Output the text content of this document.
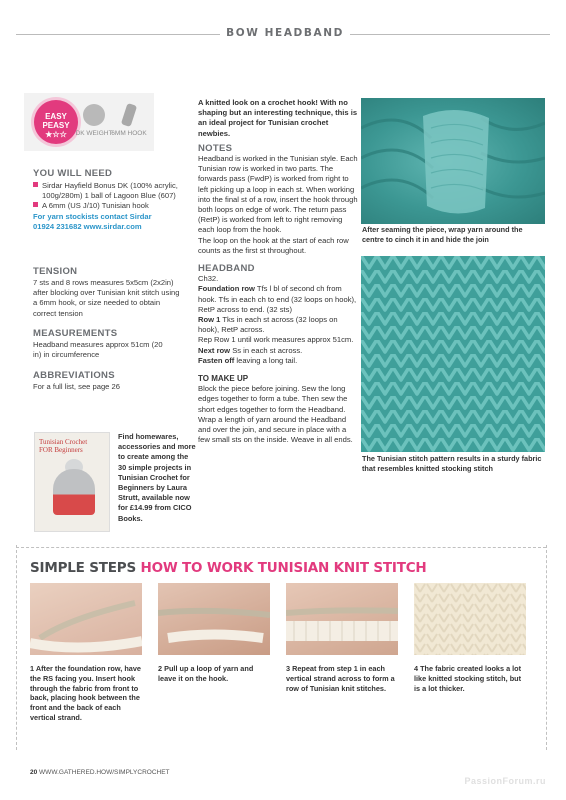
BOW HEADBAND
EASY
PEASY
★☆☆	DK WEIGHT
6MM HOOK
YOU WILL NEED
Sirdar Hayfield Bonus DK (100% acrylic, 100g/280m) 1 ball of Lagoon Blue (607)
A 6mm (US J/10) Tunisian hook
For yarn stockists contact Sirdar 01924 231682 www.sirdar.com
TENSION
7 sts and 8 rows measures 5x5cm (2x2in) after blocking over Tunisian knit stitch using a 6mm hook, or size needed to obtain correct tension
MEASUREMENTS
Headband measures approx 51cm (20 in) in circumference
ABBREVIATIONS
For a full list, see page 26
Tunisian Crochet FOR Beginners
Find homewares, accessories and more to create among the 30 simple projects in Tunisian Crochet for Beginners by Laura Strutt, available now for £14.99 from CICO Books.
A knitted look on a crochet hook! With no shaping but an interesting technique, this is an ideal project for Tunisian crochet newbies.
NOTES
Headband is worked in the Tunisian style. Each Tunisian row is worked in two parts. The forwards pass (FwdP) is worked from right to left picking up a loop in each st. When working into the final st of a row, insert the hook through both loops on edge of work. The return pass (RetP) is worked from left to right removing each loop from the hook.
The loop on the hook at the start of each row counts as the first st throughout.
HEADBAND
Ch32.
Foundation row Tfs l bl of second ch from hook. Tfs in each ch to end (32 loops on hook), RetP across to end. (32 sts)
Row 1 Tks in each st across (32 loops on hook), RetP across.
Rep Row 1 until work measures approx 51cm.
Next row Ss in each st across.
Fasten off leaving a long tail.
TO MAKE UP
Block the piece before joining. Sew the long edges together to form a tube. Then sew the short edges together to form the Headband. Wrap a length of yarn around the Headband and over the join, and secure in place with a few small sts on the inside. Weave in all ends.
After seaming the piece, wrap yarn around the centre to cinch it in and hide the join
The Tunisian stitch pattern results in a sturdy fabric that resembles knitted stocking stitch
SIMPLE STEPS HOW TO WORK TUNISIAN KNIT STITCH
1 After the foundation row, have the RS facing you. Insert hook through the fabric from front to back, placing hook between the front and the back of each vertical strand.
2 Pull up a loop of yarn and leave it on the hook.
3 Repeat from step 1 in each vertical strand across to form a row of Tunisian knit stitches.
4 The fabric created looks a lot like knitted stocking stitch, but is a lot thicker.
20 WWW.GATHERED.HOW/SIMPLYCROCHET
PassionForum.ru
